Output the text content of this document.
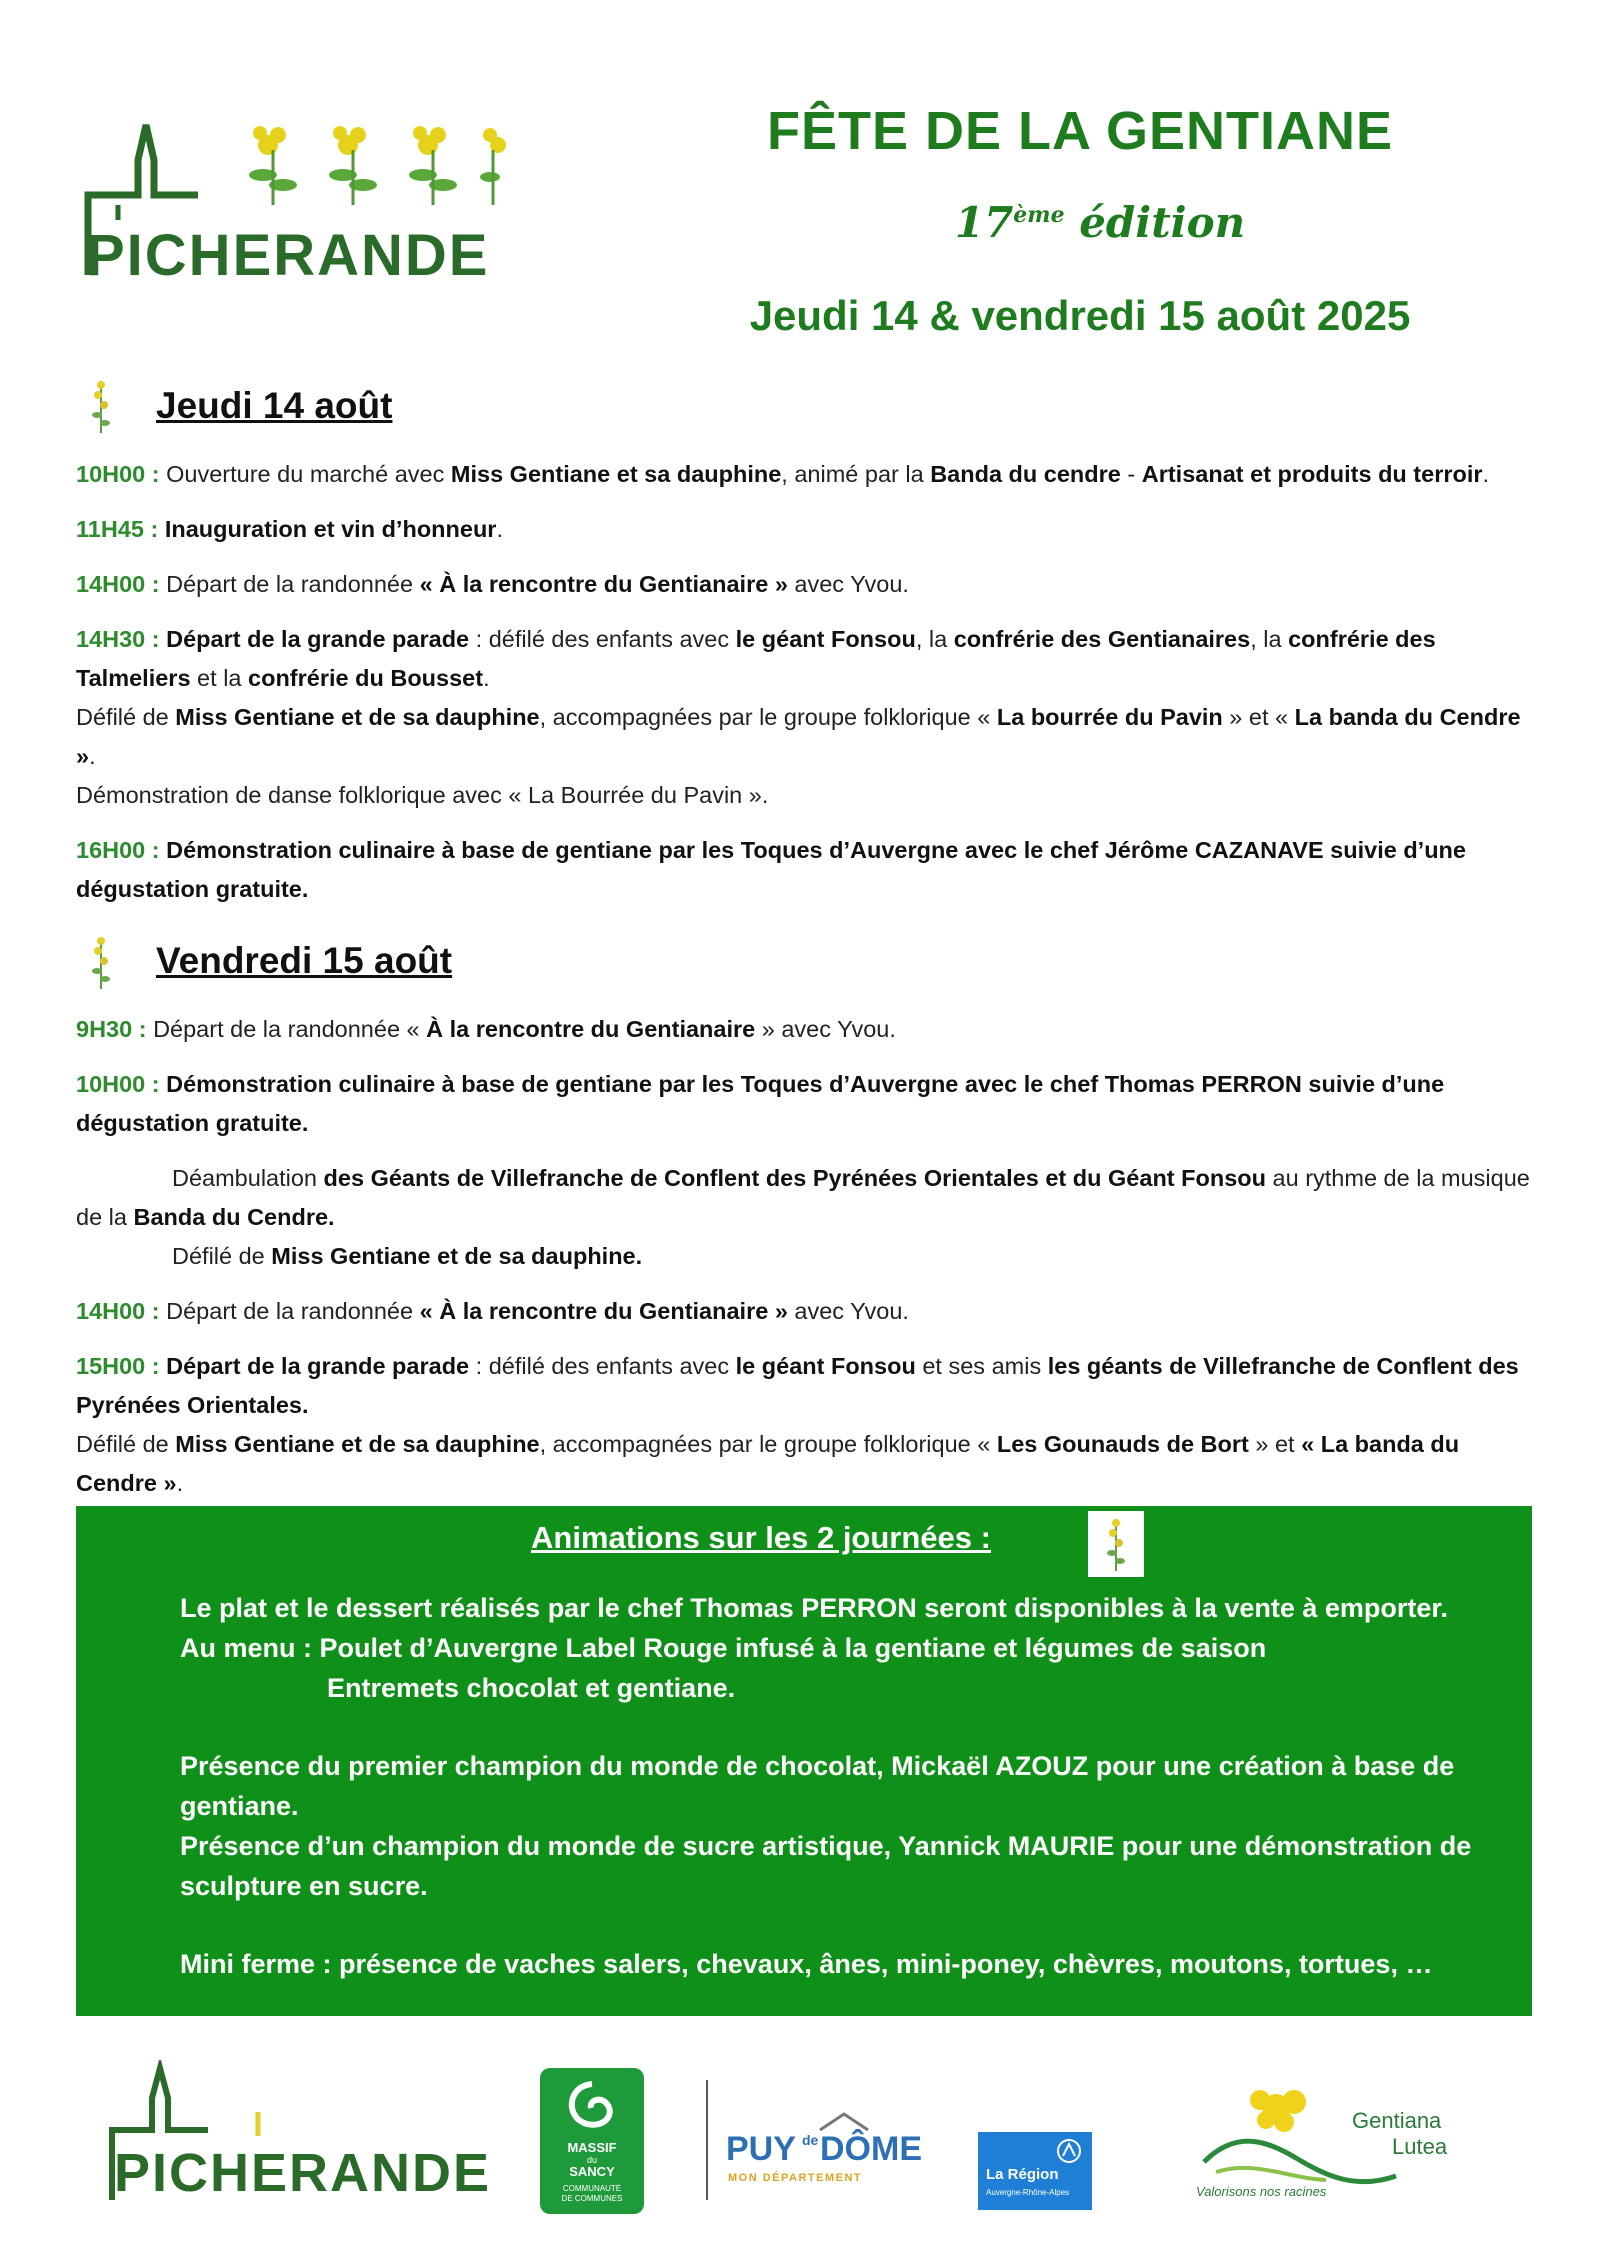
PICHERANDE
FÊTE DE LA GENTIANE
17ème édition
Jeudi 14 & vendredi 15 août 2025
Jeudi 14 août

10H00 : Ouverture du marché avec Miss Gentiane et sa dauphine, animé par la Banda du cendre - Artisanat et produits du terroir.

11H45 : Inauguration et vin d’honneur.

14H00 : Départ de la randonnée « À la rencontre du Gentianaire » avec Yvou.

14H30 : Départ de la grande parade : défilé des enfants avec le géant Fonsou, la confrérie des Gentianaires, la confrérie des Talmeliers et la confrérie du Bousset.

Défilé de Miss Gentiane et de sa dauphine, accompagnées par le groupe folklorique « La bourrée du Pavin » et « La banda du Cendre ».

Démonstration de danse folklorique avec « La Bourrée du Pavin ».

16H00 : Démonstration culinaire à base de gentiane par les Toques d’Auvergne avec le chef Jérôme CAZANAVE suivie d’une dégustation gratuite.

Vendredi 15 août

9H30 : Départ de la randonnée « À la rencontre du Gentianaire » avec Yvou.

10H00 : Démonstration culinaire à base de gentiane par les Toques d’Auvergne avec le chef Thomas PERRON suivie d’une dégustation gratuite.

Déambulation des Géants de Villefranche de Conflent des Pyrénées Orientales et du Géant Fonsou au rythme de la musique de la Banda du Cendre.

Défilé de Miss Gentiane et de sa dauphine.

14H00 : Départ de la randonnée « À la rencontre du Gentianaire » avec Yvou.

15H00 : Départ de la grande parade : défilé des enfants avec le géant Fonsou et ses amis les géants de Villefranche de Conflent des Pyrénées Orientales.

Défilé de Miss Gentiane et de sa dauphine, accompagnées par le groupe folklorique « Les Gounauds de Bort » et « La banda du Cendre ».

Animations sur les 2 journées :

Le plat et le dessert réalisés par le chef Thomas PERRON seront disponibles à la vente à emporter.

Au menu : Poulet d’Auvergne Label Rouge infusé à la gentiane et légumes de saison

Entremets chocolat et gentiane.

Présence du premier champion du monde de chocolat, Mickaël AZOUZ pour une création à base de gentiane.

Présence d’un champion du monde de sucre artistique, Yannick MAURIE pour une démonstration de sculpture en sucre.

Mini ferme : présence de vaches salers, chevaux, ânes, mini-poney, chèvres, moutons, tortues, …

PICHERANDE	MASSIF
du
SANCY
COMMUNAUTÉ
DE COMMUNES
PUY de DÔME
MON DÉPARTEMENT	La Région
Auvergne-Rhône-Alpes
Gentiana
Lutea
Valorisons nos racines
